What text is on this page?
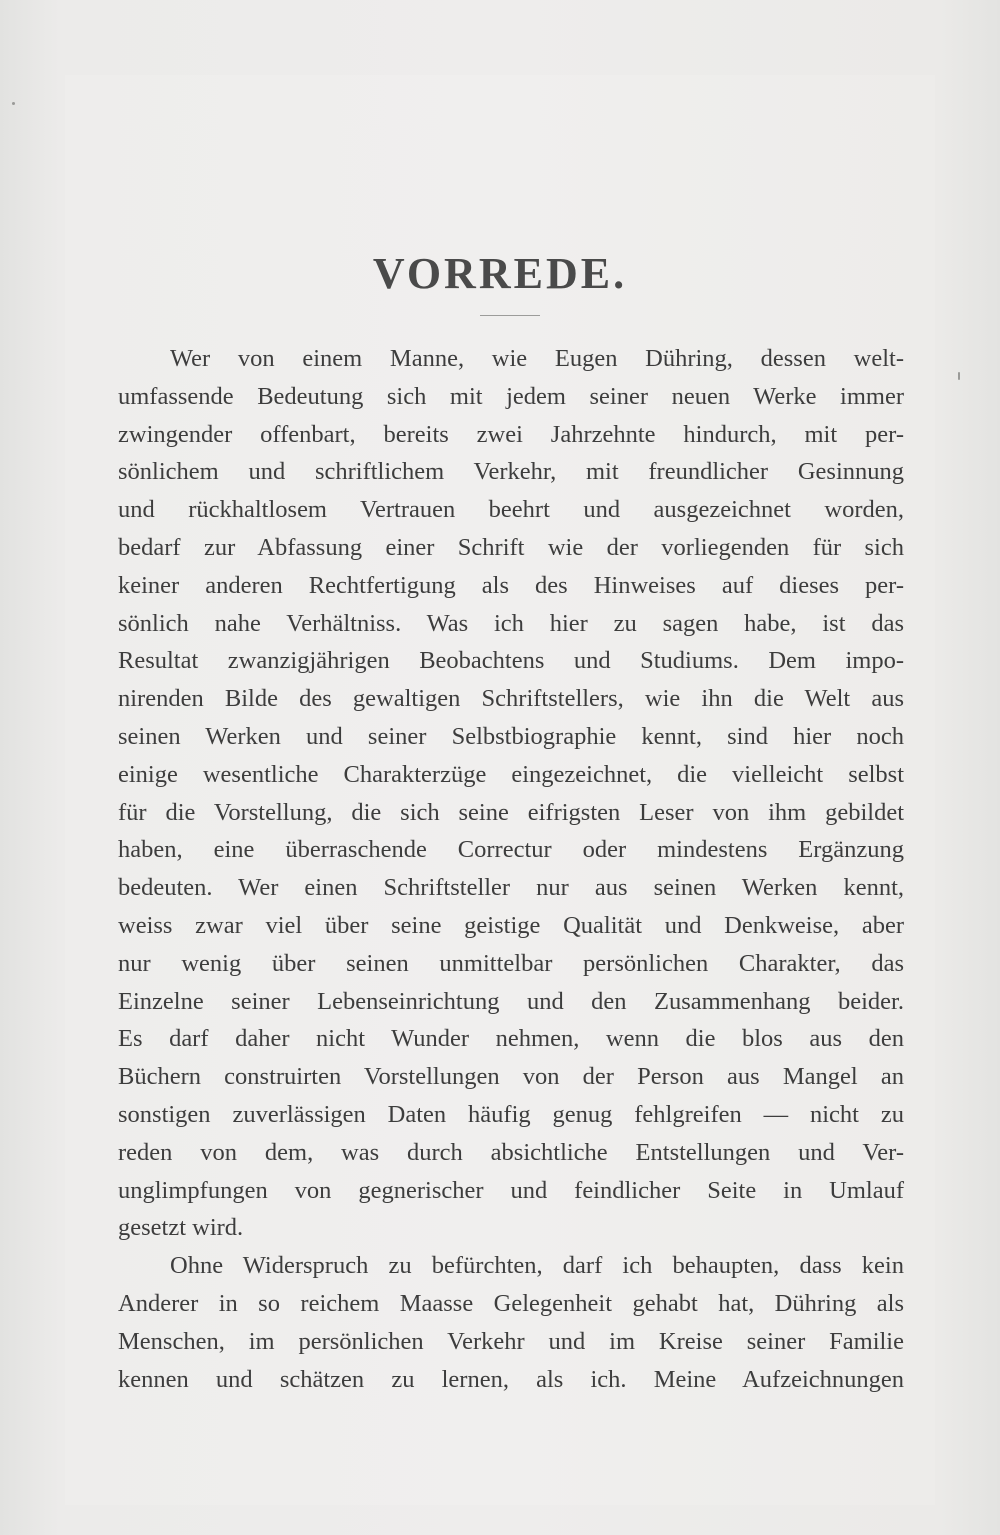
VORREDE.
Wer von einem Manne, wie Eugen Dühring, dessen welt-
umfassende Bedeutung sich mit jedem seiner neuen Werke immer
zwingender offenbart, bereits zwei Jahrzehnte hindurch, mit per-
sönlichem und schriftlichem Verkehr, mit freundlicher Gesinnung
und rückhaltlosem Vertrauen beehrt und ausgezeichnet worden,
bedarf zur Abfassung einer Schrift wie der vorliegenden für sich
keiner anderen Rechtfertigung als des Hinweises auf dieses per-
sönlich nahe Verhältniss. Was ich hier zu sagen habe, ist das
Resultat zwanzigjährigen Beobachtens und Studiums. Dem impo-
nirenden Bilde des gewaltigen Schriftstellers, wie ihn die Welt aus
seinen Werken und seiner Selbstbiographie kennt, sind hier noch
einige wesentliche Charakterzüge eingezeichnet, die vielleicht selbst
für die Vorstellung, die sich seine eifrigsten Leser von ihm gebildet
haben, eine überraschende Correctur oder mindestens Ergänzung
bedeuten. Wer einen Schriftsteller nur aus seinen Werken kennt,
weiss zwar viel über seine geistige Qualität und Denkweise, aber
nur wenig über seinen unmittelbar persönlichen Charakter, das
Einzelne seiner Lebenseinrichtung und den Zusammenhang beider.
Es darf daher nicht Wunder nehmen, wenn die blos aus den
Büchern construirten Vorstellungen von der Person aus Mangel an
sonstigen zuverlässigen Daten häufig genug fehlgreifen — nicht zu
reden von dem, was durch absichtliche Entstellungen und Ver-
unglimpfungen von gegnerischer und feindlicher Seite in Umlauf
gesetzt wird.
Ohne Widerspruch zu befürchten, darf ich behaupten, dass kein
Anderer in so reichem Maasse Gelegenheit gehabt hat, Dühring als
Menschen, im persönlichen Verkehr und im Kreise seiner Familie
kennen und schätzen zu lernen, als ich. Meine Aufzeichnungen
